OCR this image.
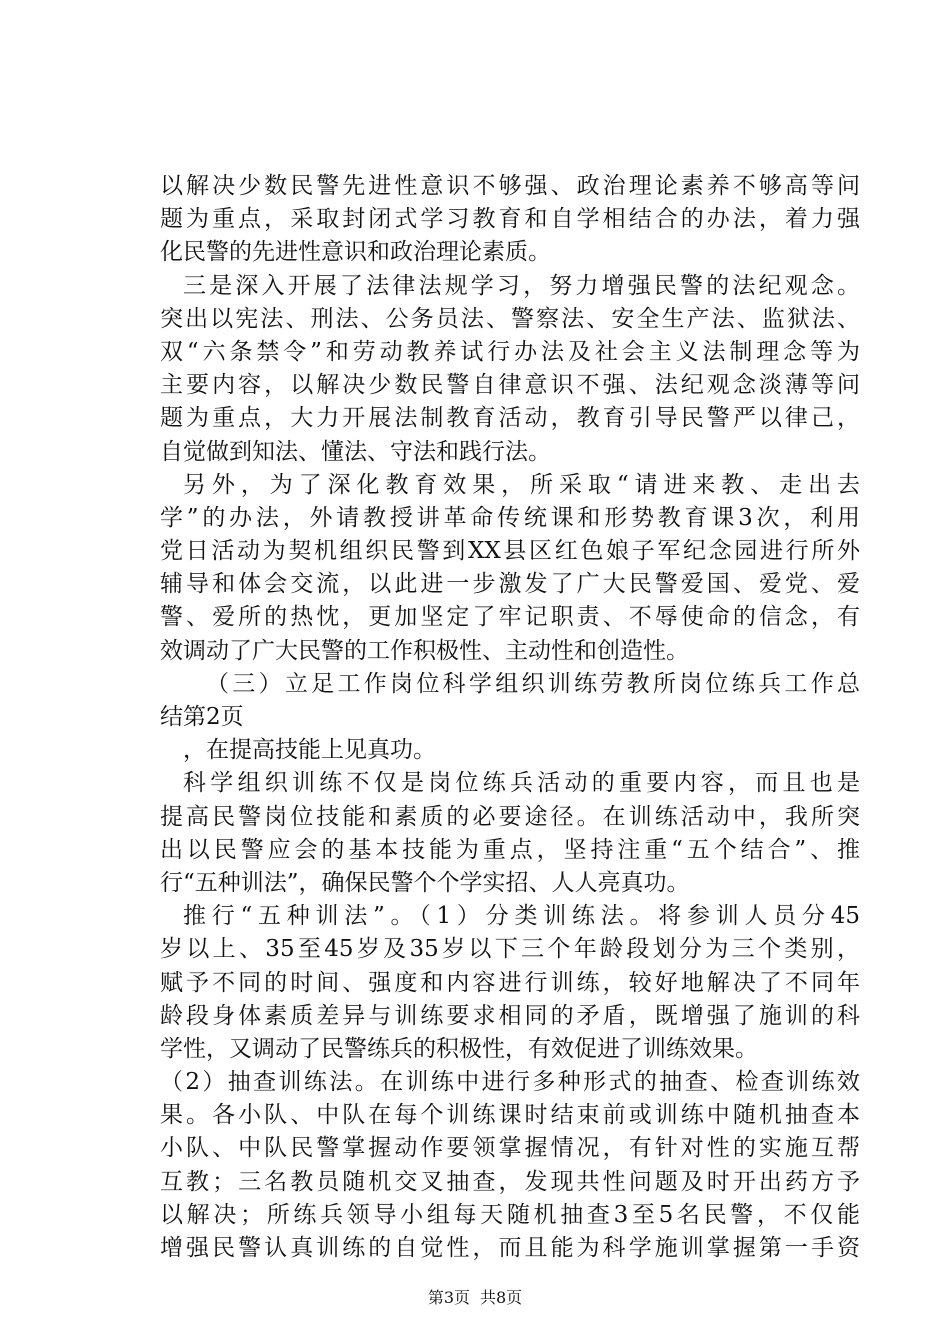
以解决少数民警先进性意识不够强、政治理论素养不够高等问
题为重点，采取封闭式学习教育和自学相结合的办法，着力强
化民警的先进性意识和政治理论素质。
三是深入开展了法律法规学习，努力增强民警的法纪观念。
突出以宪法、刑法、公务员法、警察法、安全生产法、监狱法、
双“六条禁令”和劳动教养试行办法及社会主义法制理念等为
主要内容，以解决少数民警自律意识不强、法纪观念淡薄等问
题为重点，大力开展法制教育活动，教育引导民警严以律己，
自觉做到知法、懂法、守法和践行法。
另外，为了深化教育效果，所采取“请进来教、走出去
学”的办法，外请教授讲革命传统课和形势教育课3次，利用
党日活动为契机组织民警到XX县区红色娘子军纪念园进行所外
辅导和体会交流，以此进一步激发了广大民警爱国、爱党、爱
警、爱所的热忱，更加坚定了牢记职责、不辱使命的信念，有
效调动了广大民警的工作积极性、主动性和创造性。
（三）立足工作岗位科学组织训练劳教所岗位练兵工作总
结第2页
，在提高技能上见真功。
科学组织训练不仅是岗位练兵活动的重要内容，而且也是
提高民警岗位技能和素质的必要途径。在训练活动中，我所突
出以民警应会的基本技能为重点，坚持注重“五个结合”、推
行“五种训法”，确保民警个个学实招、人人亮真功。
推行“五种训法”。（1）分类训练法。将参训人员分45
岁以上、35至45岁及35岁以下三个年龄段划分为三个类别，
赋予不同的时间、强度和内容进行训练，较好地解决了不同年
龄段身体素质差异与训练要求相同的矛盾，既增强了施训的科
学性，又调动了民警练兵的积极性，有效促进了训练效果。
（2）抽查训练法。在训练中进行多种形式的抽查、检查训练效
果。各小队、中队在每个训练课时结束前或训练中随机抽查本
小队、中队民警掌握动作要领掌握情况，有针对性的实施互帮
互教；三名教员随机交叉抽查，发现共性问题及时开出药方予
以解决；所练兵领导小组每天随机抽查3至5名民警，不仅能
增强民警认真训练的自觉性，而且能为科学施训掌握第一手资
第3页 共8页
